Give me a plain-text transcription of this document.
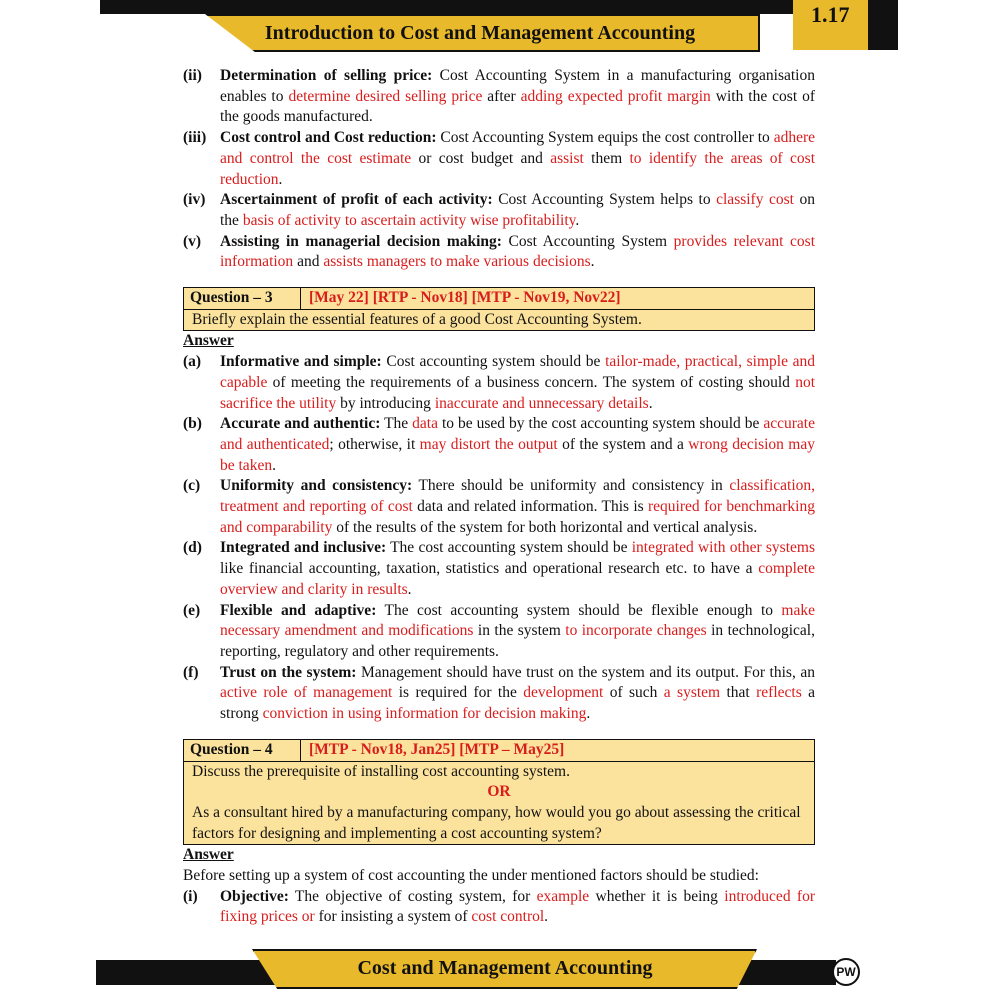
Introduction to Cost and Management Accounting
1.17
(ii)	Determination of selling price: Cost Accounting System in a manufacturing organisation enables to determine desired selling price after adding expected profit margin with the cost of the goods manufactured.
(iii) Cost control and Cost reduction: Cost Accounting System equips the cost controller to adhere and control the cost estimate or cost budget and assist them to identify the areas of cost reduction.
(iv) Ascertainment of profit of each activity: Cost Accounting System helps to classify cost on the basis of activity to ascertain activity wise profitability.
(v)	Assisting in managerial decision making: Cost Accounting System provides relevant cost information and assists managers to make various decisions.
Question – 3	[May 22] [RTP - Nov18] [MTP - Nov19, Nov22]
Briefly explain the essential features of a good Cost Accounting System.
Answer
(a)	Informative and simple: Cost accounting system should be tailor-made, practical, simple and capable of meeting the requirements of a business concern. The system of costing should not sacrifice the utility by introducing inaccurate and unnecessary details.
(b)	Accurate and authentic: The data to be used by the cost accounting system should be accurate and authenticated; otherwise, it may distort the output of the system and a wrong decision may be taken.
(c)	Uniformity and consistency: There should be uniformity and consistency in classification, treatment and reporting of cost data and related information. This is required for benchmarking and comparability of the results of the system for both horizontal and vertical analysis.
(d)	Integrated and inclusive: The cost accounting system should be integrated with other systems like financial accounting, taxation, statistics and operational research etc. to have a complete overview and clarity in results.
(e)	Flexible and adaptive: The cost accounting system should be flexible enough to make necessary amendment and modifications in the system to incorporate changes in technological, reporting, regulatory and other requirements.
(f)	Trust on the system: Management should have trust on the system and its output. For this, an active role of management is required for the development of such a system that reflects a strong conviction in using information for decision making.
Question – 4	[MTP - Nov18, Jan25] [MTP – May25]
Discuss the prerequisite of installing cost accounting system.
OR
As a consultant hired by a manufacturing company, how would you go about assessing the critical factors for designing and implementing a cost accounting system?
Answer
Before setting up a system of cost accounting the under mentioned factors should be studied:
(i)	Objective: The objective of costing system, for example whether it is being introduced for fixing prices or for insisting a system of cost control.
Cost and Management Accounting	PW
